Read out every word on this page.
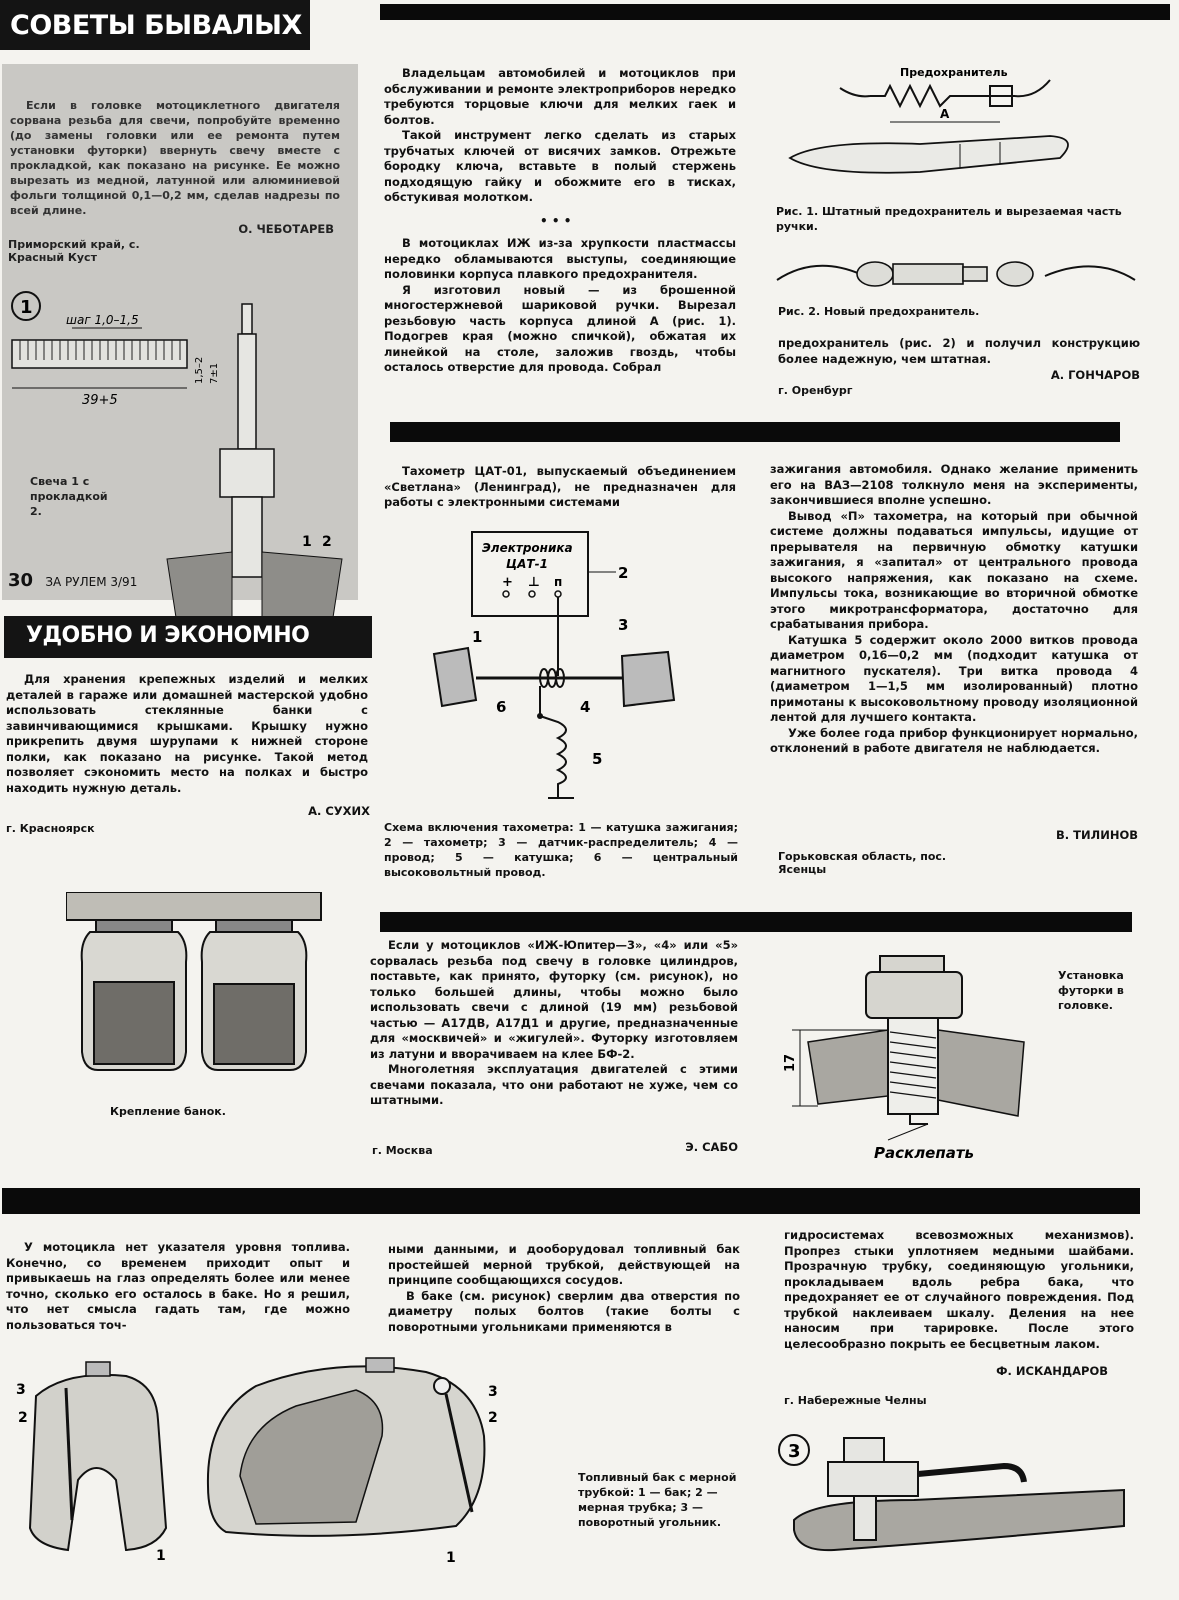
СОВЕТЫ БЫВАЛЫХ
Если в головке мотоциклетного двигателя сорвана резьба для свечи, попробуйте временно (до замены головки или ее ремонта путем установки футорки) ввернуть свечу вместе с прокладкой, как показано на рисунке. Ее можно вырезать из медной, латунной или алюминиевой фольги толщиной 0,1—0,2 мм, сделав надрезы по всей длине.
О. ЧЕБОТАРЕВ
Приморский край, с. Красный Куст
1
шаг 1,0–1,5
39+5
1,5–2 7±1
1 2
Свеча 1 с прокладкой 2.
30 ЗА РУЛЕМ 3/91

Владельцам автомобилей и мотоциклов при обслуживании и ремонте электроприборов нередко требуются торцовые ключи для мелких гаек и болтов.

Такой инструмент легко сделать из старых трубчатых ключей от висячих замков. Отрежьте бородку ключа, вставьте в полый стержень подходящую гайку и обожмите его в тисках, обстукивая молотком.

• • •

В мотоциклах ИЖ из-за хрупкости пластмассы нередко обламываются выступы, соединяющие половинки корпуса плавкого предохранителя.

Я изготовил новый — из брошенной многостержневой шариковой ручки. Вырезал резьбовую часть корпуса длиной А (рис. 1). Подогрев края (можно спичкой), обжатая их линейкой на столе, заложив гвоздь, чтобы осталось отверстие для провода. Собрал

Предохранитель
А
Рис. 1. Штатный предохранитель и вырезаемая часть ручки.
Рис. 2. Новый предохранитель.
предохранитель (рис. 2) и получил конструкцию более надежную, чем штатная.
А. ГОНЧАРОВ
г. Оренбург
УДОБНО И ЭКОНОМНО

Для хранения крепежных изделий и мелких деталей в гараже или домашней мастерской удобно использовать стеклянные банки с завинчивающимися крышками. Крышку нужно прикрепить двумя шурупами к нижней стороне полки, как показано на рисунке. Такой метод позволяет сэкономить место на полках и быстро находить нужную деталь.

А. СУХИХ
г. Красноярск
Крепление банок.

Тахометр ЦАТ-01, выпускаемый объединением «Светлана» (Ленинград), не предназначен для работы с электронными системами

Электроника
ЦАТ-1
+ ⊥ п	2
1
3
6	4
5
Схема включения тахометра: 1 — катушка зажигания; 2 — тахометр; 3 — датчик-распределитель; 4 — провод; 5 — катушка; 6 — центральный высоковольтный провод.

зажигания автомобиля. Однако желание применить его на ВАЗ—2108 толкнуло меня на эксперименты, закончившиеся вполне успешно.

Вывод «П» тахометра, на который при обычной системе должны подаваться импульсы, идущие от прерывателя на первичную обмотку катушки зажигания, я «запитал» от центрального провода высокого напряжения, как показано на схеме. Импульсы тока, возникающие во вторичной обмотке этого микротрансформатора, достаточно для срабатывания прибора.

Катушка 5 содержит около 2000 витков провода диаметром 0,16—0,2 мм (подходит катушка от магнитного пускателя). Три витка провода 4 (диаметром 1—1,5 мм изолированный) плотно примотаны к высоковольтному проводу изоляционной лентой для лучшего контакта.

Уже более года прибор функционирует нормально, отклонений в работе двигателя не наблюдается.

В. ТИЛИНОВ
Горьковская область, пос. Ясенцы

Если у мотоциклов «ИЖ-Юпитер—3», «4» или «5» сорвалась резьба под свечу в головке цилиндров, поставьте, как принято, футорку (см. рисунок), но только большей длины, чтобы можно было использовать свечи с длиной (19 мм) резьбовой частью — А17ДВ, А17Д1 и другие, предназначенные для «москвичей» и «жигулей». Футорку изготовляем из латуни и вворачиваем на клее БФ-2.

Многолетняя эксплуатация двигателей с этими свечами показала, что они работают не хуже, чем со штатными.

Э. САБО
г. Москва
17
Расклепать
Установка футорки в головке.

У мотоцикла нет указателя уровня топлива. Конечно, со временем приходит опыт и привыкаешь на глаз определять более или менее точно, сколько его осталось в баке. Но я решил, что нет смысла гадать там, где можно пользоваться точ-

ными данными, и дооборудовал топливный бак простейшей мерной трубкой, действующей на принципе сообщающихся сосудов.

В баке (см. рисунок) сверлим два отверстия по диаметру полых болтов (такие болты с поворотными угольниками применяются в

гидросистемах всевозможных механизмов). Пропрез стыки уплотняем медными шайбами. Прозрачную трубку, соединяющую угольники, прокладываем вдоль ребра бака, что предохраняет ее от случайного повреждения. Под трубкой наклеиваем шкалу. Деления на нее наносим при тарировке. После этого целесообразно покрыть ее бесцветным лаком.

Ф. ИСКАНДАРОВ
г. Набережные Челны
3
2
1
3
2
1
Топливный бак с мерной трубкой: 1 — бак; 2 — мерная трубка; 3 — поворотный угольник.
3
